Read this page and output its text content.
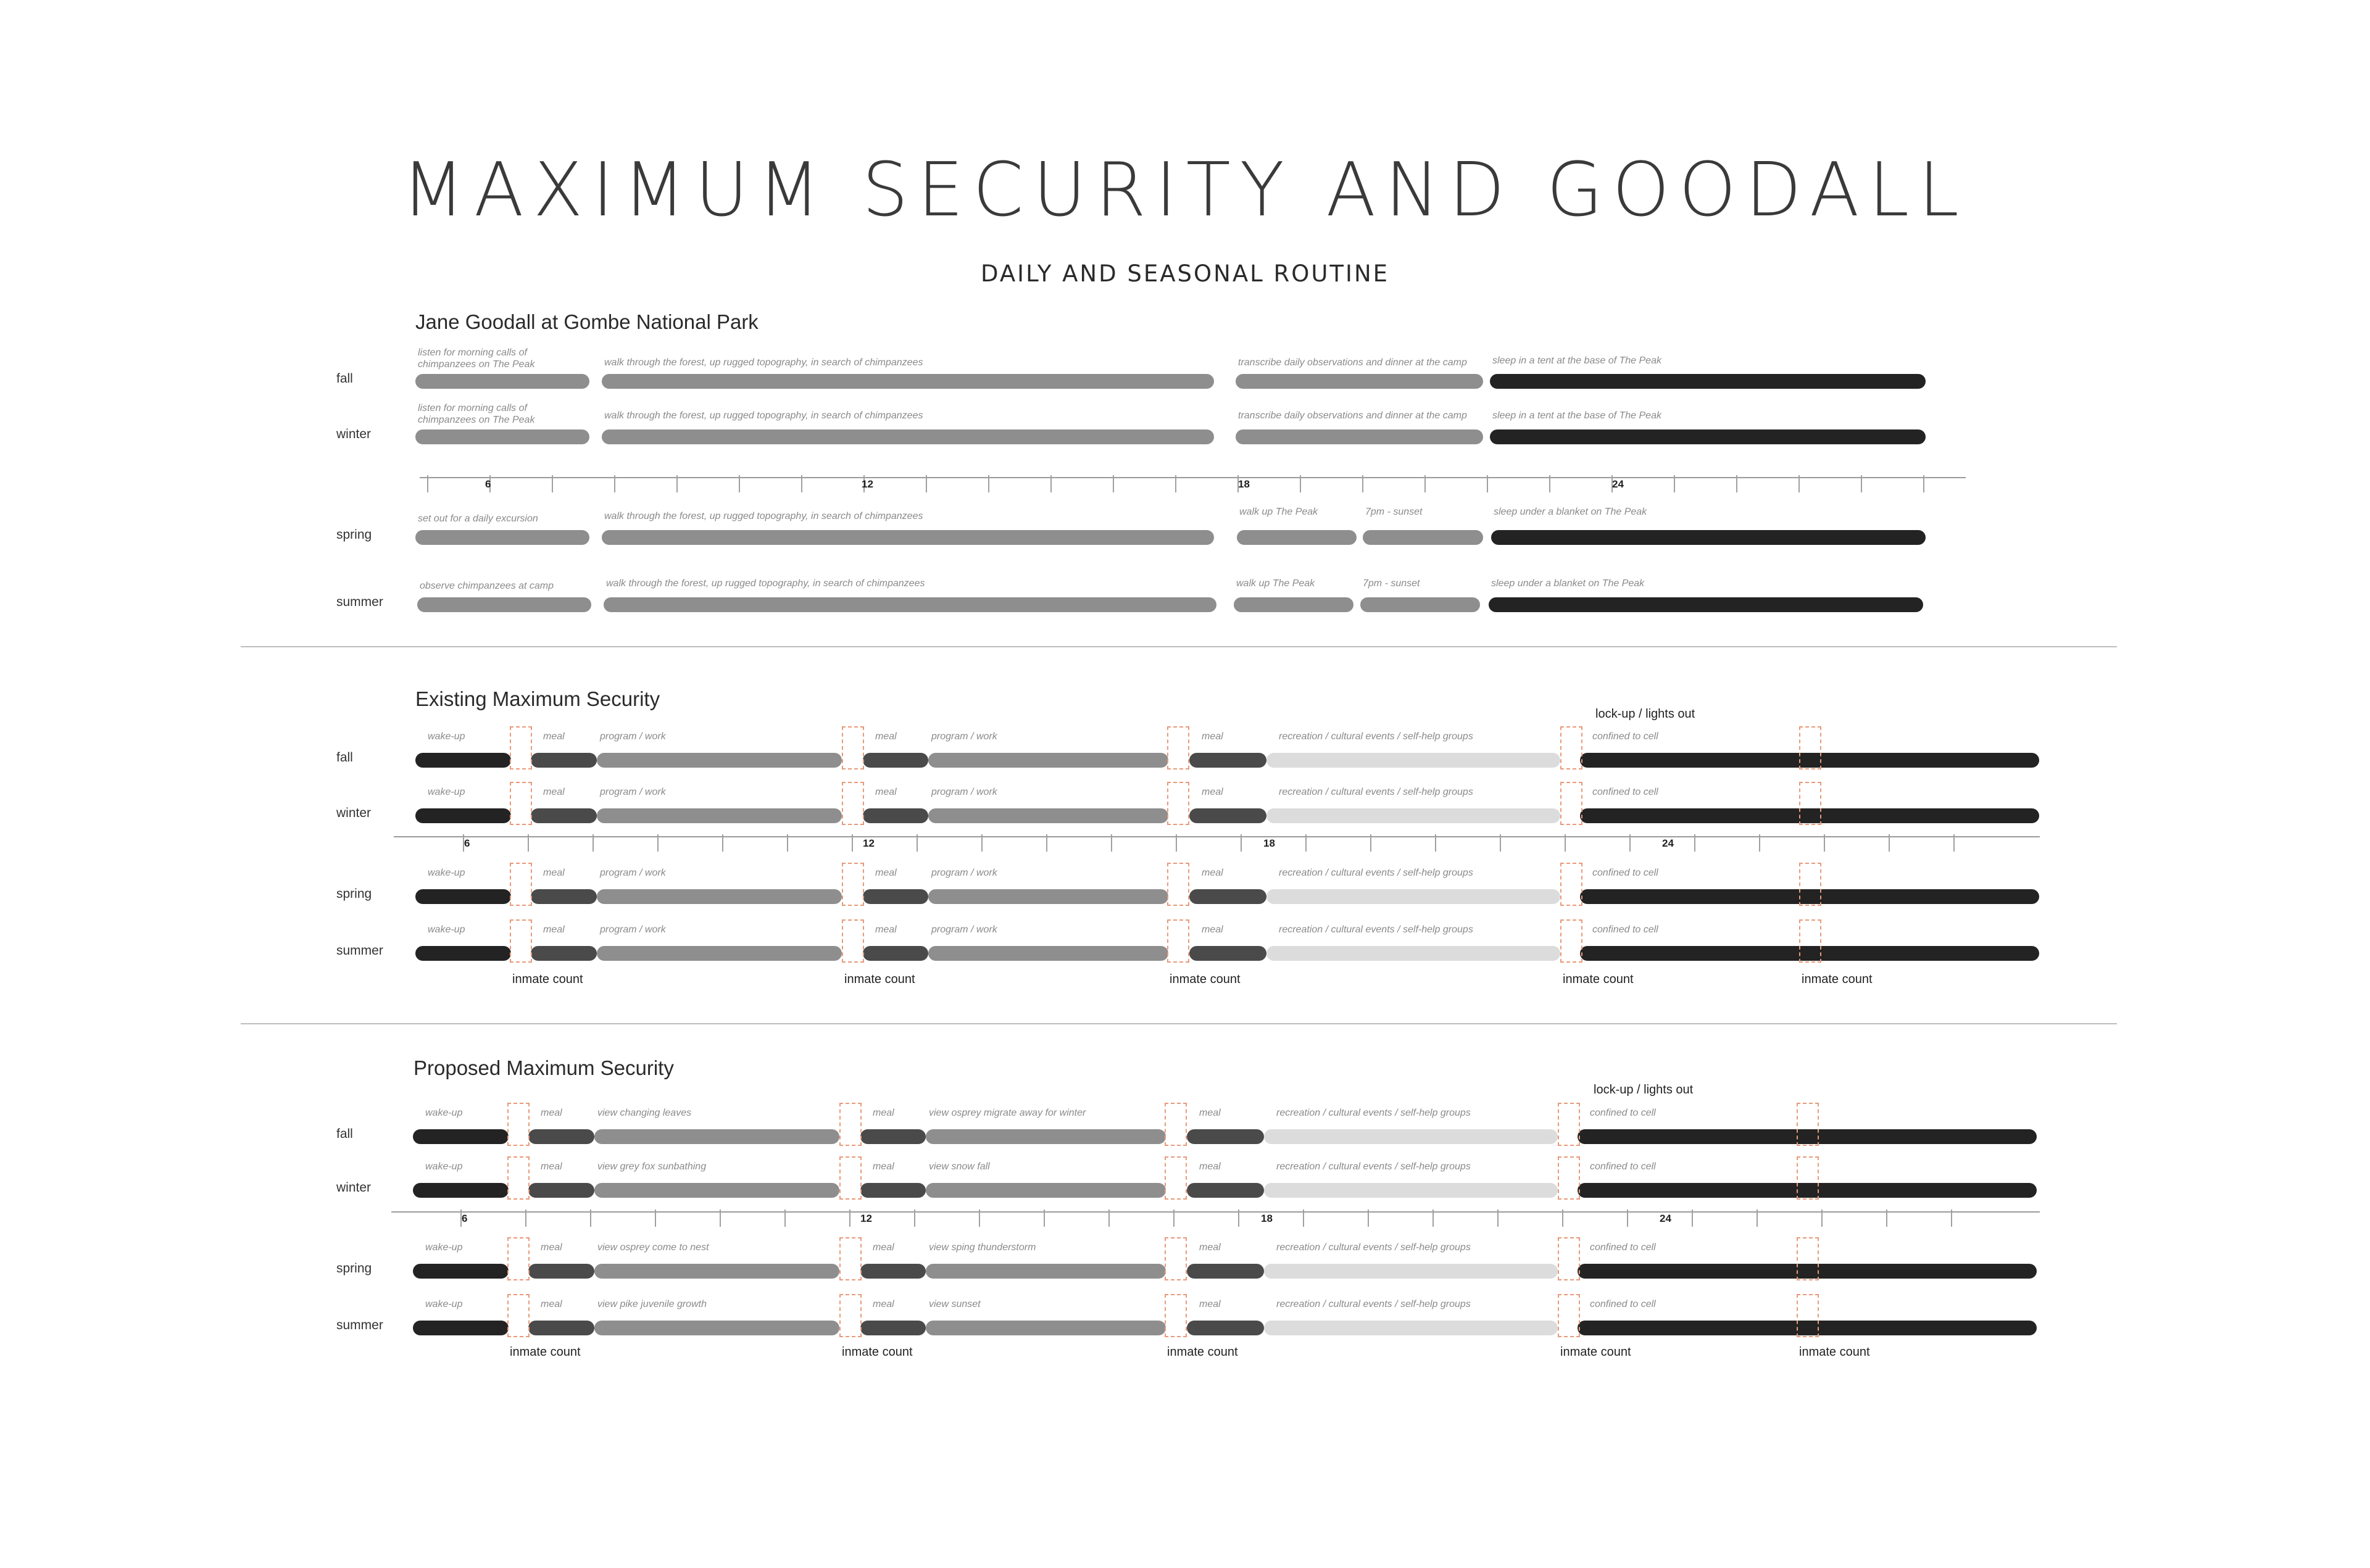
MAXIMUM SECURITY AND GOODALL
DAILY AND SEASONAL ROUTINE
Jane Goodall at Gombe National Park
Existing Maximum Security
Proposed Maximum Security
lock-up / lights out
lock-up / lights out
fall
listen for morning calls of
chimpanzees on The Peak	walk through the forest, up rugged topography, in search of chimpanzees	transcribe daily observations and dinner at the camp	sleep in a tent at the base of The Peak
winter
listen for morning calls of
chimpanzees on The Peak	walk through the forest, up rugged topography, in search of chimpanzees	transcribe daily observations and dinner at the camp	sleep in a tent at the base of The Peak
spring
set out for a daily excursion	walk through the forest, up rugged topography, in search of chimpanzees	walk up The Peak	7pm - sunset	sleep under a blanket on The Peak
summer
observe chimpanzees at camp	walk through the forest, up rugged topography, in search of chimpanzees	walk up The Peak	7pm - sunset	sleep under a blanket on The Peak
6	12	18	24
fall
wake-up	meal	program / work	meal	program / work	meal	recreation / cultural events / self-help groups	confined to cell
winter
wake-up	meal	program / work	meal	program / work	meal	recreation / cultural events / self-help groups	confined to cell
spring
wake-up	meal	program / work	meal	program / work	meal	recreation / cultural events / self-help groups	confined to cell
summer
wake-up	meal	program / work	meal	program / work	meal	recreation / cultural events / self-help groups	confined to cell
6	12	18	24
inmate count	inmate count	inmate count	inmate count	inmate count
fall
wake-up	meal	view changing leaves	meal	view osprey migrate away for winter	meal	recreation / cultural events / self-help groups	confined to cell
winter
wake-up	meal	view grey fox sunbathing	meal	view snow fall	meal	recreation / cultural events / self-help groups	confined to cell
spring
wake-up	meal	view osprey come to nest	meal	view sping thunderstorm	meal	recreation / cultural events / self-help groups	confined to cell
summer
wake-up	meal	view pike juvenile growth	meal	view sunset	meal	recreation / cultural events / self-help groups	confined to cell
6	12	18	24
inmate count	inmate count	inmate count	inmate count	inmate count
